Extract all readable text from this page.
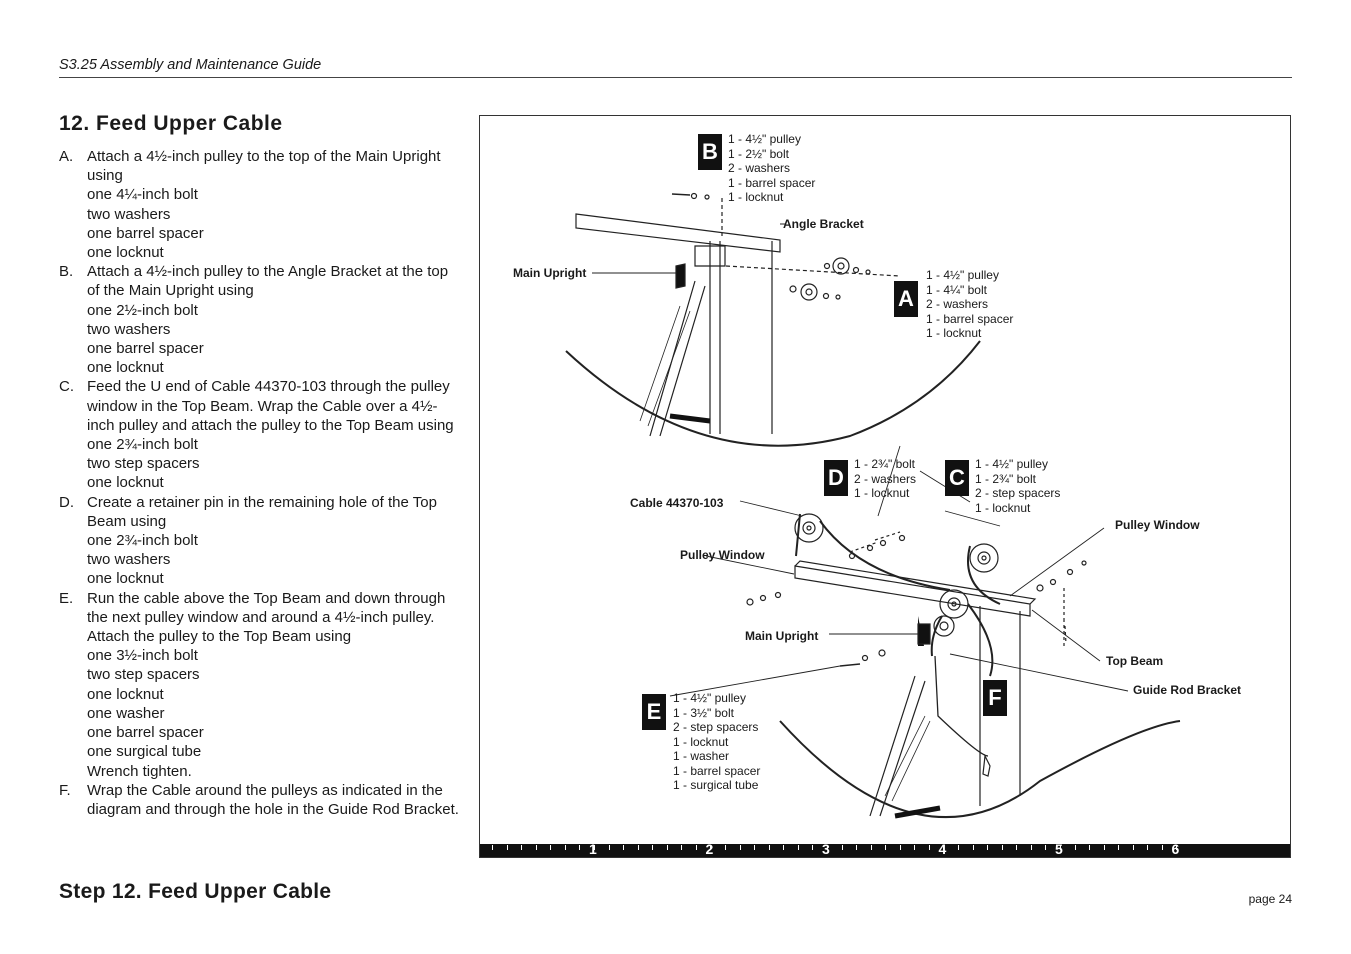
S3.25 Assembly and Maintenance Guide
12. Feed Upper Cable
A. Attach a 4½-inch pulley to the top of the Main Upright using
one 4¼-inch bolt
two washers
one barrel spacer
one locknut
B. Attach a 4½-inch pulley to the Angle Bracket at the top of the Main Upright using
one 2½-inch bolt
two washers
one barrel spacer
one locknut
C. Feed the U end of Cable 44370-103 through the pulley window in the Top Beam. Wrap the Cable over a 4½-inch pulley and attach the pulley to the Top Beam using
one 2¾-inch bolt
two step spacers
one locknut
D. Create a retainer pin in the remaining hole of the Top Beam using
one 2¾-inch bolt
two washers
one locknut
E. Run the cable above the Top Beam and down through the next pulley window and around a 4½-inch pulley. Attach the pulley to the Top Beam using
one 3½-inch bolt
two step spacers
one locknut
one washer
one barrel spacer
one surgical tube
Wrench tighten.
F.	Wrap the Cable around the pulleys as indicated in the diagram and through the hole in the Guide Rod Bracket.
Step 12. Feed Upper Cable	page 24
B 1 - 4½" pulley
1 - 2½" bolt
2 - washers
1 - barrel spacer
1 - locknut
Angle Bracket
Main Upright
A
1 - 4½" pulley
1 - 4¼" bolt
2 - washers
1 - barrel spacer
1 - locknut
D
1 - 2¾" bolt
2 - washers
1 - locknut
C
1 - 4½" pulley
1 - 2¾" bolt
2 - step spacers
1 - locknut
Cable 44370-103
Pulley Window
Pulley Window
Main Upright
Top Beam
Guide Rod Bracket
F
E
1 - 4½" pulley
1 - 3½" bolt
2 - step spacers
1 - locknut
1 - washer
1 - barrel spacer
1 - surgical tube
1	2	3	4	5	6
